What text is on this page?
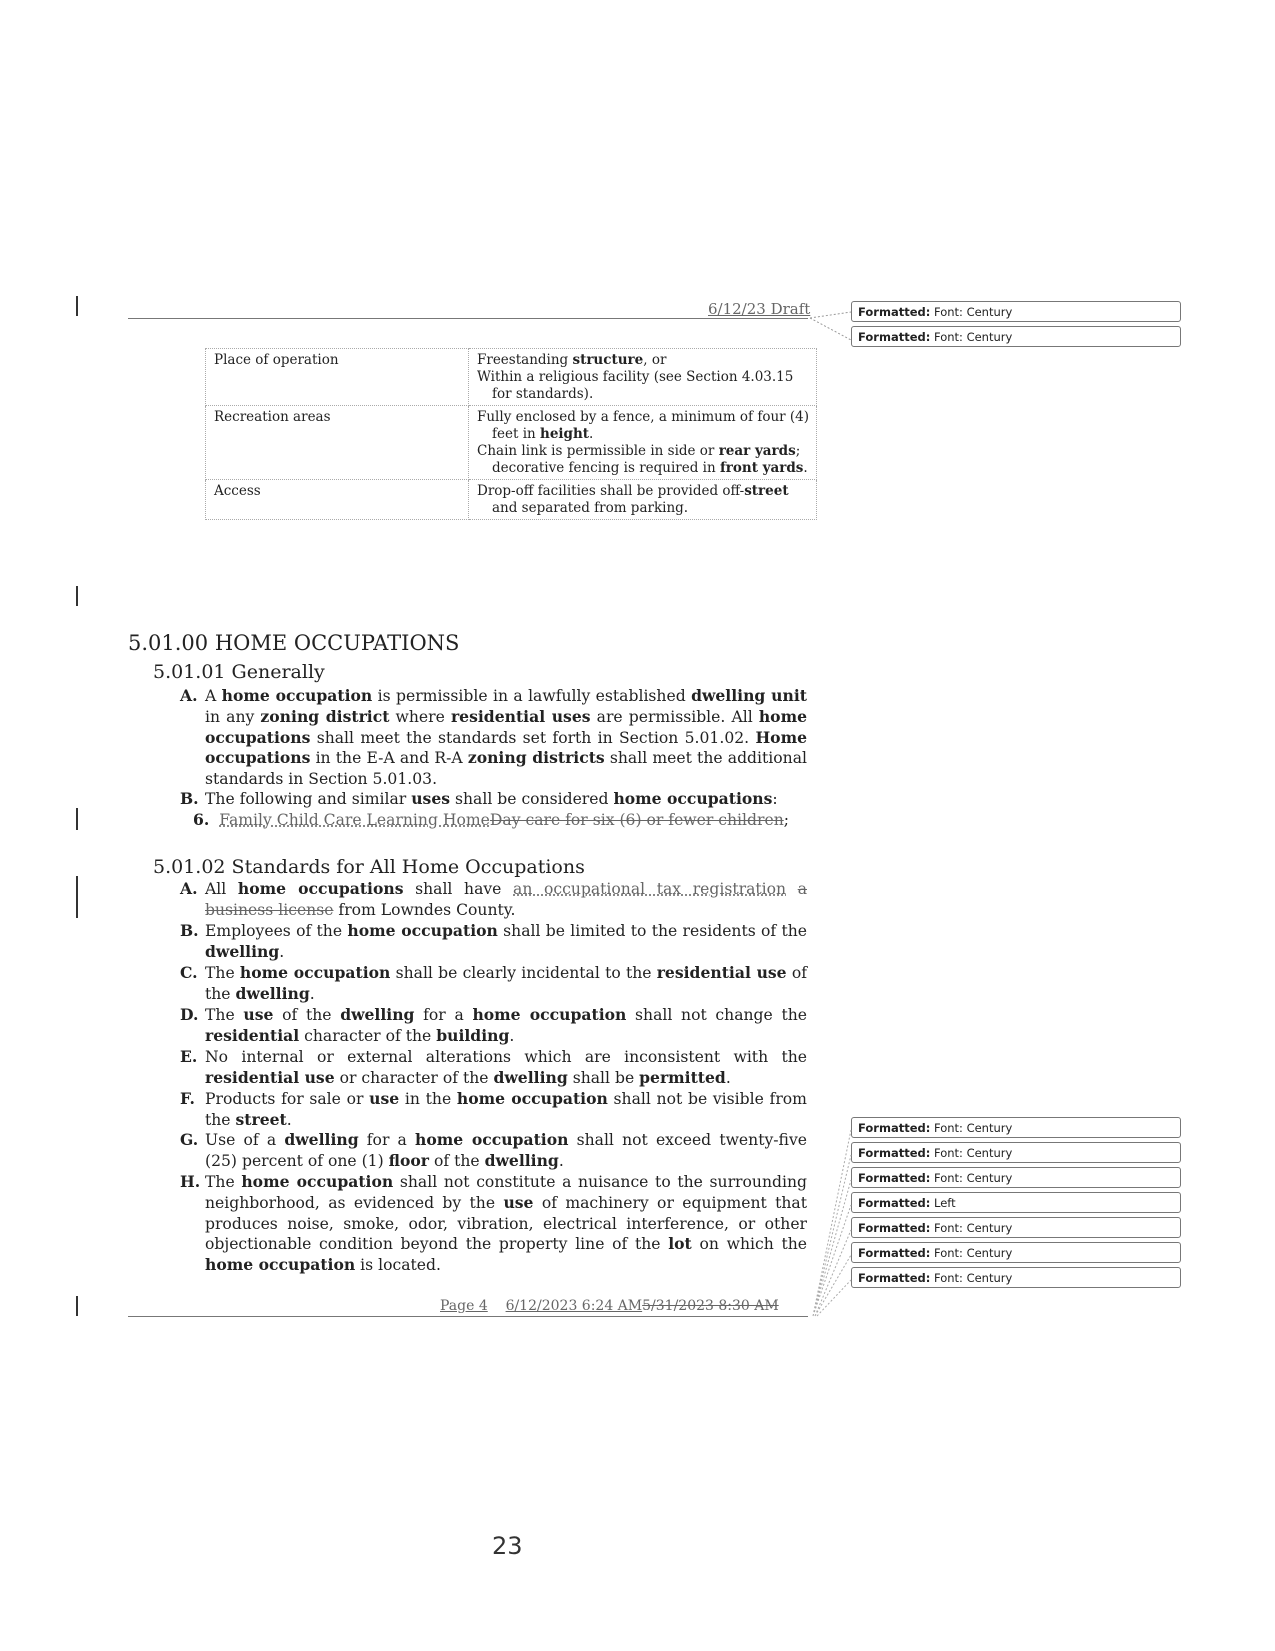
6/12/23 Draft
Place of operation	Freestanding structure, or
Within a religious facility (see Section 4.03.15 for standards).

Recreation areas	Fully enclosed by a fence, a minimum of four (4) feet in height.
Chain link is permissible in side or rear yards; decorative fencing is required in front yards.

Access	Drop-off facilities shall be provided off-street and separated from parking.
5.01.00 HOME OCCUPATIONS
5.01.01 Generally
A. A home occupation is permissible in a lawfully established dwelling unit in any zoning district where residential uses are permissible. All home occupations shall meet the standards set forth in Section 5.01.02. Home occupations in the E-A and R-A zoning districts shall meet the additional standards in Section 5.01.03.
B. The following and similar uses shall be considered home occupations:
6. Family Child Care Learning HomeDay care for six (6) or fewer children;
5.01.02 Standards for All Home Occupations
A. All home occupations shall have an occupational tax registration a business license from Lowndes County.
B. Employees of the home occupation shall be limited to the residents of the dwelling.
C. The home occupation shall be clearly incidental to the residential use of the dwelling.
D. The use of the dwelling for a home occupation shall not change the residential character of the building.
E. No internal or external alterations which are inconsistent with the residential use or character of the dwelling shall be permitted.
F. Products for sale or use in the home occupation shall not be visible from the street.
G. Use of a dwelling for a home occupation shall not exceed twenty-five (25) percent of one (1) floor of the dwelling.
H. The home occupation shall not constitute a nuisance to the surrounding neighborhood, as evidenced by the use of machinery or equipment that produces noise, smoke, odor, vibration, electrical interference, or other objectionable condition beyond the property line of the lot on which the home occupation is located.
Page 4 6/12/2023 6:24 AM5/31/2023 8:30 AM
Formatted: Font: Century
Formatted: Font: Century
Formatted: Font: Century
Formatted: Font: Century
Formatted: Font: Century
Formatted: Left
Formatted: Font: Century
Formatted: Font: Century
Formatted: Font: Century
23
